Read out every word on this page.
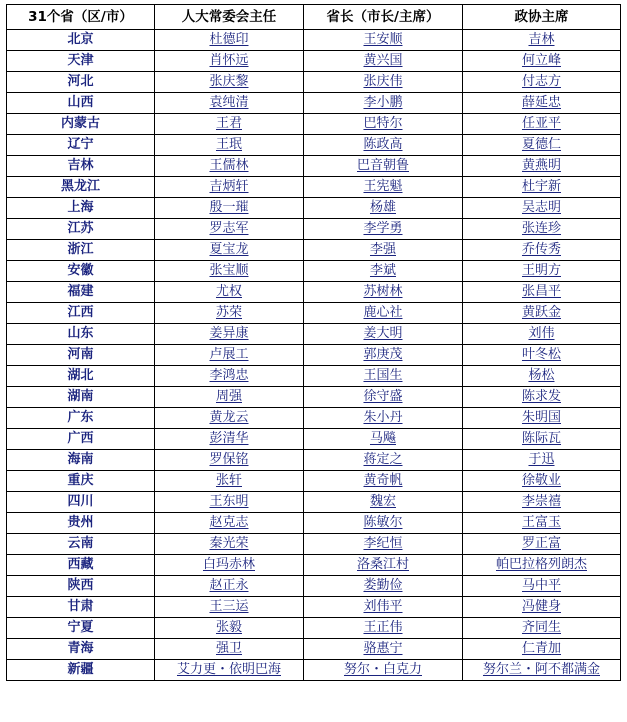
31个省（区/市）	人大常委会主任	省长（市长/主席）	政协主席
北京	杜德印	王安顺	吉林
天津	肖怀远	黄兴国	何立峰
河北	张庆黎	张庆伟	付志方
山西	袁纯清	李小鹏	薛延忠
内蒙古	王君	巴特尔	任亚平
辽宁	王珉	陈政高	夏德仁
吉林	王儒林	巴音朝鲁	黄燕明
黑龙江	吉炳轩	王宪魁	杜宇新
上海	殷一璀	杨雄	吴志明
江苏	罗志军	李学勇	张连珍
浙江	夏宝龙	李强	乔传秀
安徽	张宝顺	李斌	王明方
福建	尤权	苏树林	张昌平
江西	苏荣	鹿心社	黄跃金
山东	姜异康	姜大明	刘伟
河南	卢展工	郭庚茂	叶冬松
湖北	李鸿忠	王国生	杨松
湖南	周强	徐守盛	陈求发
广东	黄龙云	朱小丹	朱明国
广西	彭清华	马飚	陈际瓦
海南	罗保铭	蒋定之	于迅
重庆	张轩	黄奇帆	徐敬业
四川	王东明	魏宏	李崇禧
贵州	赵克志	陈敏尔	王富玉
云南	秦光荣	李纪恒	罗正富
西藏	白玛赤林	洛桑江村	帕巴拉格列朗杰
陕西	赵正永	娄勤俭	马中平
甘肃	王三运	刘伟平	冯健身
宁夏	张毅	王正伟	齐同生
青海	强卫	骆惠宁	仁青加
新疆	艾力更・依明巴海	努尔・白克力	努尔兰・阿不都满金
